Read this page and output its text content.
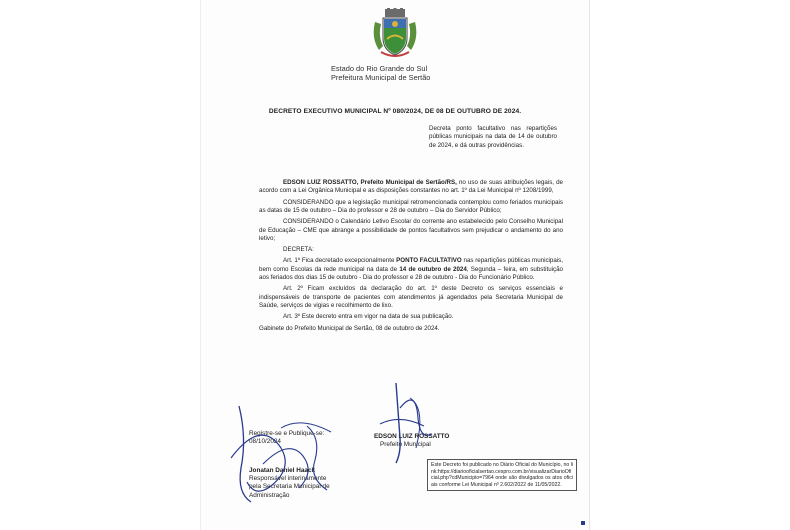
Estado do Rio Grande do Sul
Prefeitura Municipal de Sertão
DECRETO EXECUTIVO MUNICIPAL Nº 080/2024, DE 08 DE OUTUBRO DE 2024.
Decreta ponto facultativo nas repartições públicas municipais na data de 14 de outubro de 2024, e dá outras providências.

EDSON LUIZ ROSSATTO, Prefeito Municipal de Sertão/RS, no uso de suas atribuições legais, de acordo com a Lei Orgânica Municipal e as disposições constantes no art. 1º da Lei Municipal nº 1208/1999,

CONSIDERANDO que a legislação municipal retromencionada contemplou como feriados municipais as datas de 15 de outubro – Dia do professor e 28 de outubro – Dia do Servidor Público;

CONSIDERANDO o Calendário Letivo Escolar do corrente ano estabelecido pelo Conselho Municipal de Educação – CME que abrange a possibilidade de pontos facultativos sem prejudicar o andamento do ano letivo;

DECRETA:

Art. 1º Fica decretado excepcionalmente PONTO FACULTATIVO nas repartições públicas municipais, bem como Escolas da rede municipal na data de 14 de outubro de 2024, Segunda – feira, em substituição aos feriados dos dias 15 de outubro - Dia do professor e 28 de outubro - Dia do Funcionário Público.

Art. 2º Ficam excluídos da declaração do art. 1º deste Decreto os serviços essenciais e indispensáveis de transporte de pacientes com atendimentos já agendados pela Secretaria Municipal de Saúde, serviços de vigias e recolhimento de lixo.

Art. 3º Este decreto entra em vigor na data de sua publicação.

Gabinete do Prefeito Municipal de Sertão, 08 de outubro de 2024.

Registre-se e Publique-se:
08/10/2024
EDSON LUIZ ROSSATTO
Prefeito Municipal
Jonatan Daniel Haack
Responsável interinamente
pela Secretaria Municipal de
Administração
Este Decreto foi publicado no Diário Oficial do Município, no link:https://diariooficialsertao.cespro.com.br/visualizarDiarioOficial.php?cdMunicipio=7964 onde são divulgados os atos oficiais conforme Lei Municipal nº 2.602/2022 de 11/05/2022.
